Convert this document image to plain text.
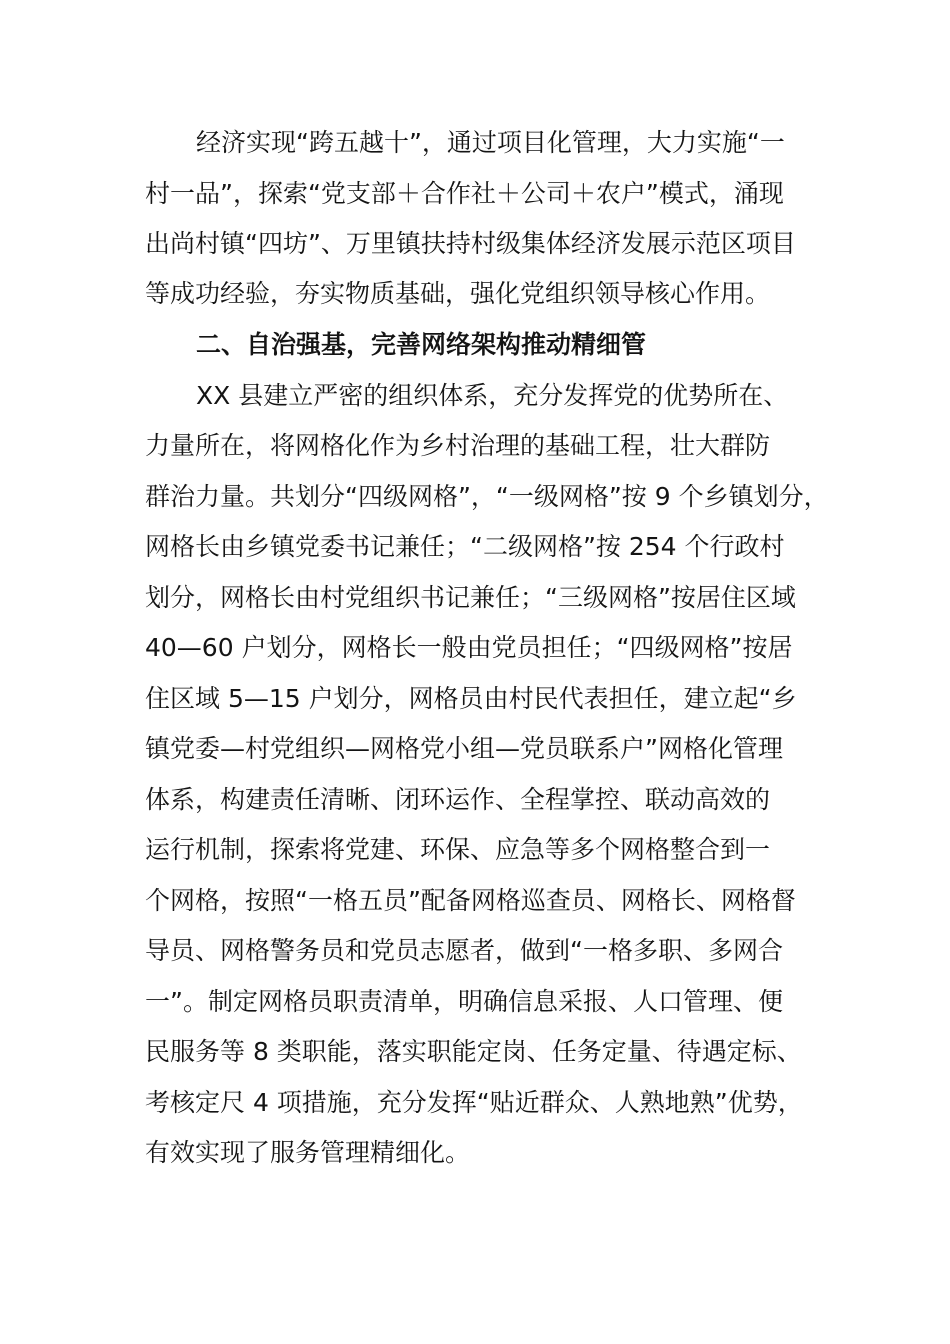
经济实现“跨五越十”，通过项目化管理，大力实施“一
村一品”，探索“党支部＋合作社＋公司＋农户”模式，涌现
出尚村镇“四坊”、万里镇扶持村级集体经济发展示范区项目
等成功经验，夯实物质基础，强化党组织领导核心作用。
二、自治强基，完善网络架构推动精细管
XX 县建立严密的组织体系，充分发挥党的优势所在、
力量所在，将网格化作为乡村治理的基础工程，壮大群防
群治力量。共划分“四级网格”，“一级网格”按 9 个乡镇划分，
网格长由乡镇党委书记兼任；“二级网格”按 254 个行政村
划分，网格长由村党组织书记兼任；“三级网格”按居住区域
40—60 户划分，网格长一般由党员担任；“四级网格”按居
住区域 5—15 户划分，网格员由村民代表担任，建立起“乡
镇党委—村党组织—网格党小组—党员联系户”网格化管理
体系，构建责任清晰、闭环运作、全程掌控、联动高效的
运行机制，探索将党建、环保、应急等多个网格整合到一
个网格，按照“一格五员”配备网格巡查员、网格长、网格督
导员、网格警务员和党员志愿者，做到“一格多职、多网合
一”。制定网格员职责清单，明确信息采报、人口管理、便
民服务等 8 类职能，落实职能定岗、任务定量、待遇定标、
考核定尺 4 项措施，充分发挥“贴近群众、人熟地熟”优势，
有效实现了服务管理精细化。
